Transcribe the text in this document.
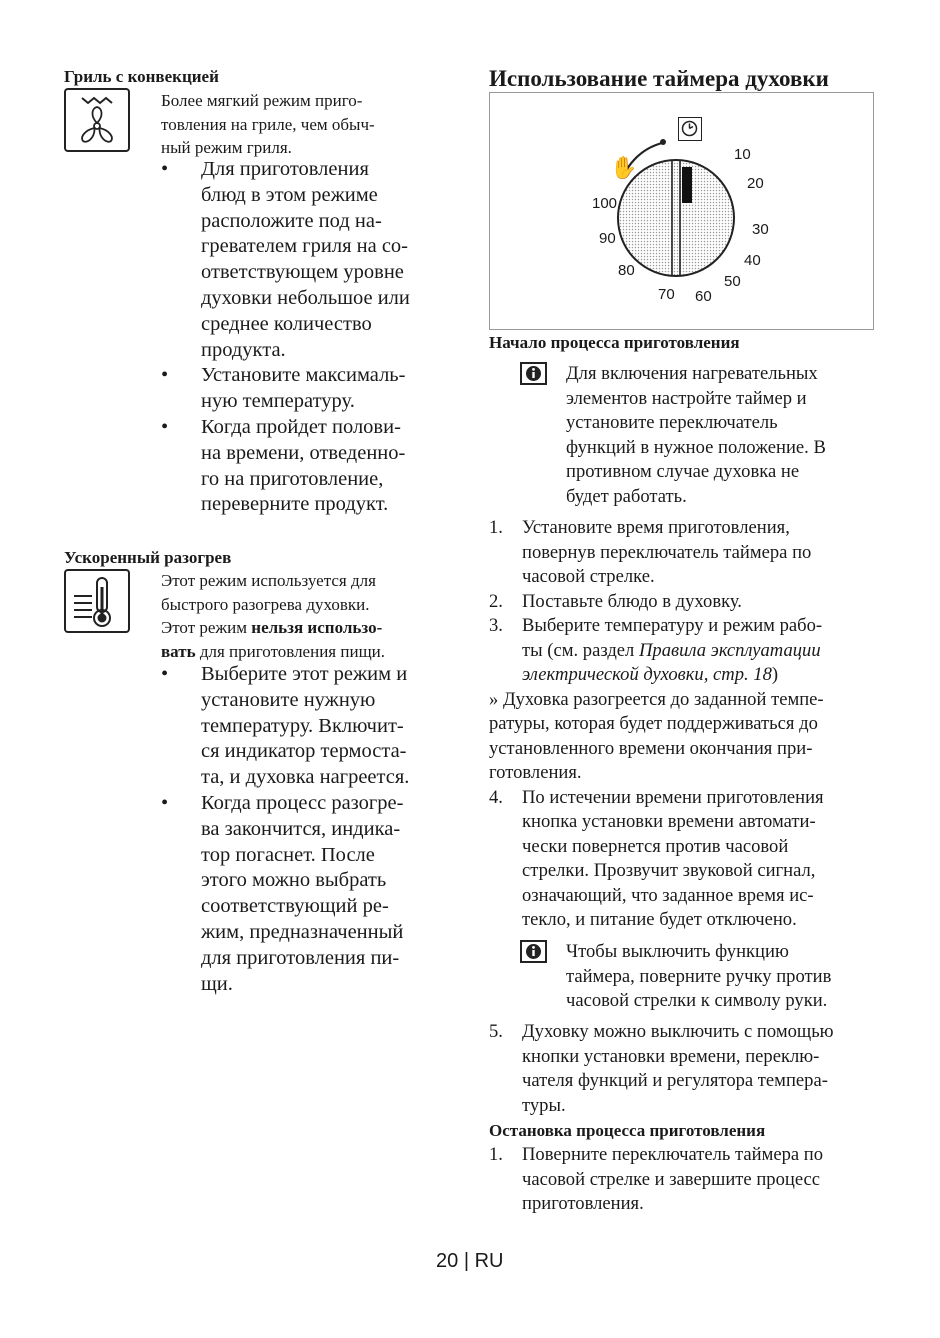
Гриль с конвекцией
Более мягкий режим приго-
товления на гриле, чем обыч-
ный режим гриля.
• Для приготовления
блюд в этом режиме
расположите под на-
гревателем гриля на со-
ответствующем уровне
духовки небольшое или
среднее количество
продукта.
• Установите максималь-
ную температуру.
• Когда пройдет полови-
на времени, отведенно-
го на приготовление,
переверните продукт.
Ускоренный разогрев
Этот режим используется для
быстрого разогрева духовки.
Этот режим нельзя использо-
вать для приготовления пищи.
• Выберите этот режим и
установите нужную
температуру. Включит-
ся индикатор термоста-
та, и духовка нагреется.
• Когда процесс разогре-
ва закончится, индика-
тор погаснет. После
этого можно выбрать
соответствующий ре-
жим, предназначенный
для приготовления пи-
щи.
Использование таймера духовки
✋
10
20
30
40
50
60
70
80
90
100
Начало процесса приготовления
Для включения нагревательных
элементов настройте таймер и
установите переключатель
функций в нужное положение. В
противном случае духовка не
будет работать.
1. Установите время приготовления,
повернув переключатель таймера по
часовой стрелке.
2. Поставьте блюдо в духовку.
3. Выберите температуру и режим рабо-
ты (см. раздел Правила эксплуатации
электрической духовки, стр. 18)
» Духовка разогреется до заданной темпе-
ратуры, которая будет поддерживаться до
установленного времени окончания при-
готовления.
4. По истечении времени приготовления
кнопка установки времени автомати-
чески повернется против часовой
стрелки. Прозвучит звуковой сигнал,
означающий, что заданное время ис-
текло, и питание будет отключено.
Чтобы выключить функцию
таймера, поверните ручку против
часовой стрелки к символу руки.
5. Духовку можно выключить с помощью
кнопки установки времени, переклю-
чателя функций и регулятора темпера-
туры.
Остановка процесса приготовления
1. Поверните переключатель таймера по
часовой стрелке и завершите процесс
приготовления.
20 | RU
